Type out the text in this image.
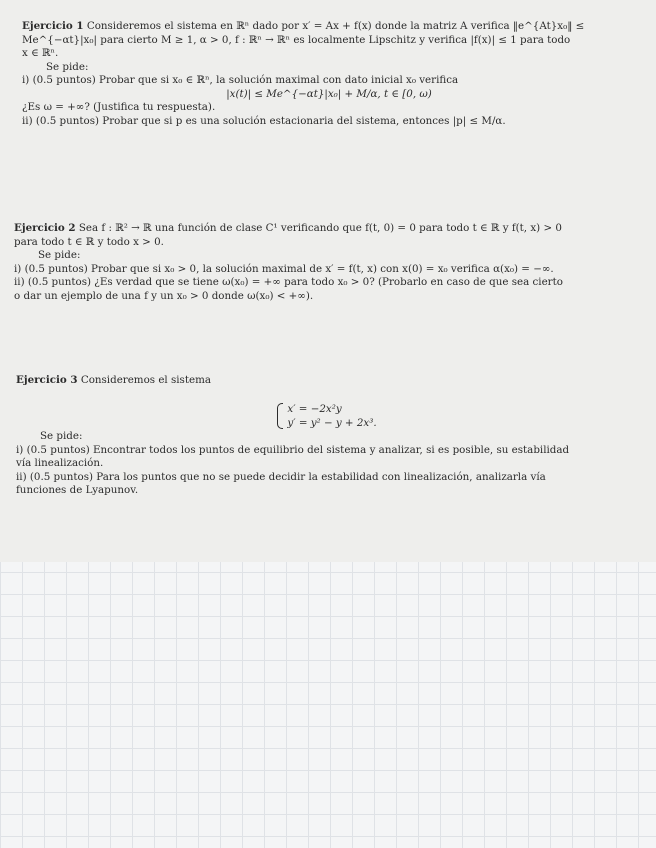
Ejercicio 1 Consideremos el sistema en ℝⁿ dado por x′ = Ax + f(x) donde la matriz A verifica ‖e^{At}x₀‖ ≤

Me^{−αt}|x₀| para cierto M ≥ 1, α > 0, f : ℝⁿ → ℝⁿ es localmente Lipschitz y verifica |f(x)| ≤ 1 para todo

x ∈ ℝⁿ.

Se pide:

i) (0.5 puntos) Probar que si x₀ ∈ ℝⁿ, la solución maximal con dato inicial x₀ verifica

|x(t)| ≤ Me^{−αt}|x₀| + M/α, t ∈ [0, ω)

¿Es ω = +∞? (Justifica tu respuesta).

ii) (0.5 puntos) Probar que si p es una solución estacionaria del sistema, entonces |p| ≤ M/α.

Ejercicio 2 Sea f : ℝ² → ℝ una función de clase C¹ verificando que f(t, 0) = 0 para todo t ∈ ℝ y f(t, x) > 0

para todo t ∈ ℝ y todo x > 0.

Se pide:

i) (0.5 puntos) Probar que si x₀ > 0, la solución maximal de x′ = f(t, x) con x(0) = x₀ verifica α(x₀) = −∞.

ii) (0.5 puntos) ¿Es verdad que se tiene ω(x₀) = +∞ para todo x₀ > 0? (Probarlo en caso de que sea cierto

o dar un ejemplo de una f y un x₀ > 0 donde ω(x₀) < +∞).

Ejercicio 3 Consideremos el sistema

x′ = −2x²y
y′ = y² − y + 2x³.

Se pide:

i) (0.5 puntos) Encontrar todos los puntos de equilibrio del sistema y analizar, si es posible, su estabilidad

vía linealización.

ii) (0.5 puntos) Para los puntos que no se puede decidir la estabilidad con linealización, analizarla vía

funciones de Lyapunov.
